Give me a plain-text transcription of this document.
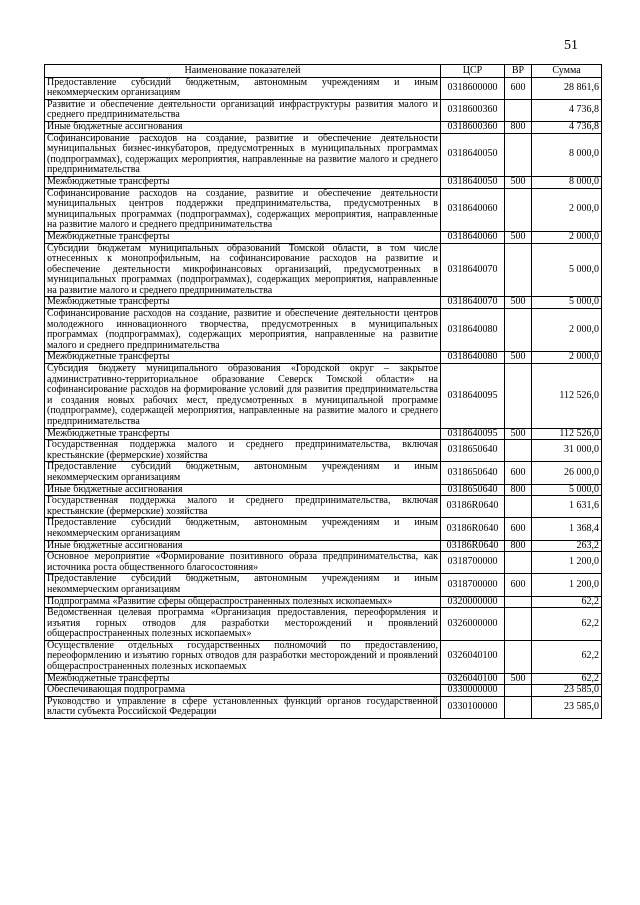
51
Наименование показателей	ЦСР	ВР	Сумма
Предоставление субсидий бюджетным, автономным учреждениям и иным некоммерческим организациям	0318600000	600	28 861,6
Развитие и обеспечение деятельности организаций инфраструктуры развития малого и среднего предпринимательства	0318600360		4 736,8
Иные бюджетные ассигнования	0318600360	800	4 736,8
Софинансирование расходов на создание, развитие и обеспечение деятельности муниципальных бизнес-инкубаторов, предусмотренных в муниципальных программах (подпрограммах), содержащих мероприятия, направленные на развитие малого и среднего предпринимательства	0318640050		8 000,0
Межбюджетные трансферты	0318640050	500	8 000,0
Софинансирование расходов на создание, развитие и обеспечение деятельности муниципальных центров поддержки предпринимательства, предусмотренных в муниципальных программах (подпрограммах), содержащих мероприятия, направленные на развитие малого и среднего предпринимательства	0318640060		2 000,0
Межбюджетные трансферты	0318640060	500	2 000,0
Субсидии бюджетам муниципальных образований Томской области, в том числе отнесенных к монопрофильным, на софинансирование расходов на развитие и обеспечение деятельности микрофинансовых организаций, предусмотренных в муниципальных программах (подпрограммах), содержащих мероприятия, направленные на развитие малого и среднего предпринимательства	0318640070		5 000,0
Межбюджетные трансферты	0318640070	500	5 000,0
Софинансирование расходов на создание, развитие и обеспечение деятельности центров молодежного инновационного творчества, предусмотренных в муниципальных программах (подпрограммах), содержащих мероприятия, направленные на развитие малого и среднего предпринимательства	0318640080		2 000,0
Межбюджетные трансферты	0318640080	500	2 000,0
Субсидия бюджету муниципального образования «Городской округ – закрытое административно-территориальное образование Северск Томской области» на софинансирование расходов на формирование условий для развития предпринимательства и создания новых рабочих мест, предусмотренных в муниципальной программе (подпрограмме), содержащей мероприятия, направленные на развитие малого и среднего предпринимательства	0318640095		112 526,0
Межбюджетные трансферты	0318640095	500	112 526,0
Государственная поддержка малого и среднего предпринимательства, включая крестьянские (фермерские) хозяйства	0318650640		31 000,0
Предоставление субсидий бюджетным, автономным учреждениям и иным некоммерческим организациям	0318650640	600	26 000,0
Иные бюджетные ассигнования	0318650640	800	5 000,0
Государственная поддержка малого и среднего предпринимательства, включая крестьянские (фермерские) хозяйства	03186R0640		1 631,6
Предоставление субсидий бюджетным, автономным учреждениям и иным некоммерческим организациям	03186R0640	600	1 368,4
Иные бюджетные ассигнования	03186R0640	800	263,2
Основное мероприятие «Формирование позитивного образа предпринимательства, как источника роста общественного благосостояния»	0318700000		1 200,0
Предоставление субсидий бюджетным, автономным учреждениям и иным некоммерческим организациям	0318700000	600	1 200,0
Подпрограмма «Развитие сферы общераспространенных полезных ископаемых»	0320000000		62,2
Ведомственная целевая программа «Организация предоставления, переоформления и изъятия горных отводов для разработки месторождений и проявлений общераспространенных полезных ископаемых»	0326000000		62,2
Осуществление отдельных государственных полномочий по предоставлению, переоформлению и изъятию горных отводов для разработки месторождений и проявлений общераспространенных полезных ископаемых	0326040100		62,2
Межбюджетные трансферты	0326040100	500	62,2
Обеспечивающая подпрограмма	0330000000		23 585,0
Руководство и управление в сфере установленных функций органов государственной власти субъекта Российской Федерации	0330100000		23 585,0
